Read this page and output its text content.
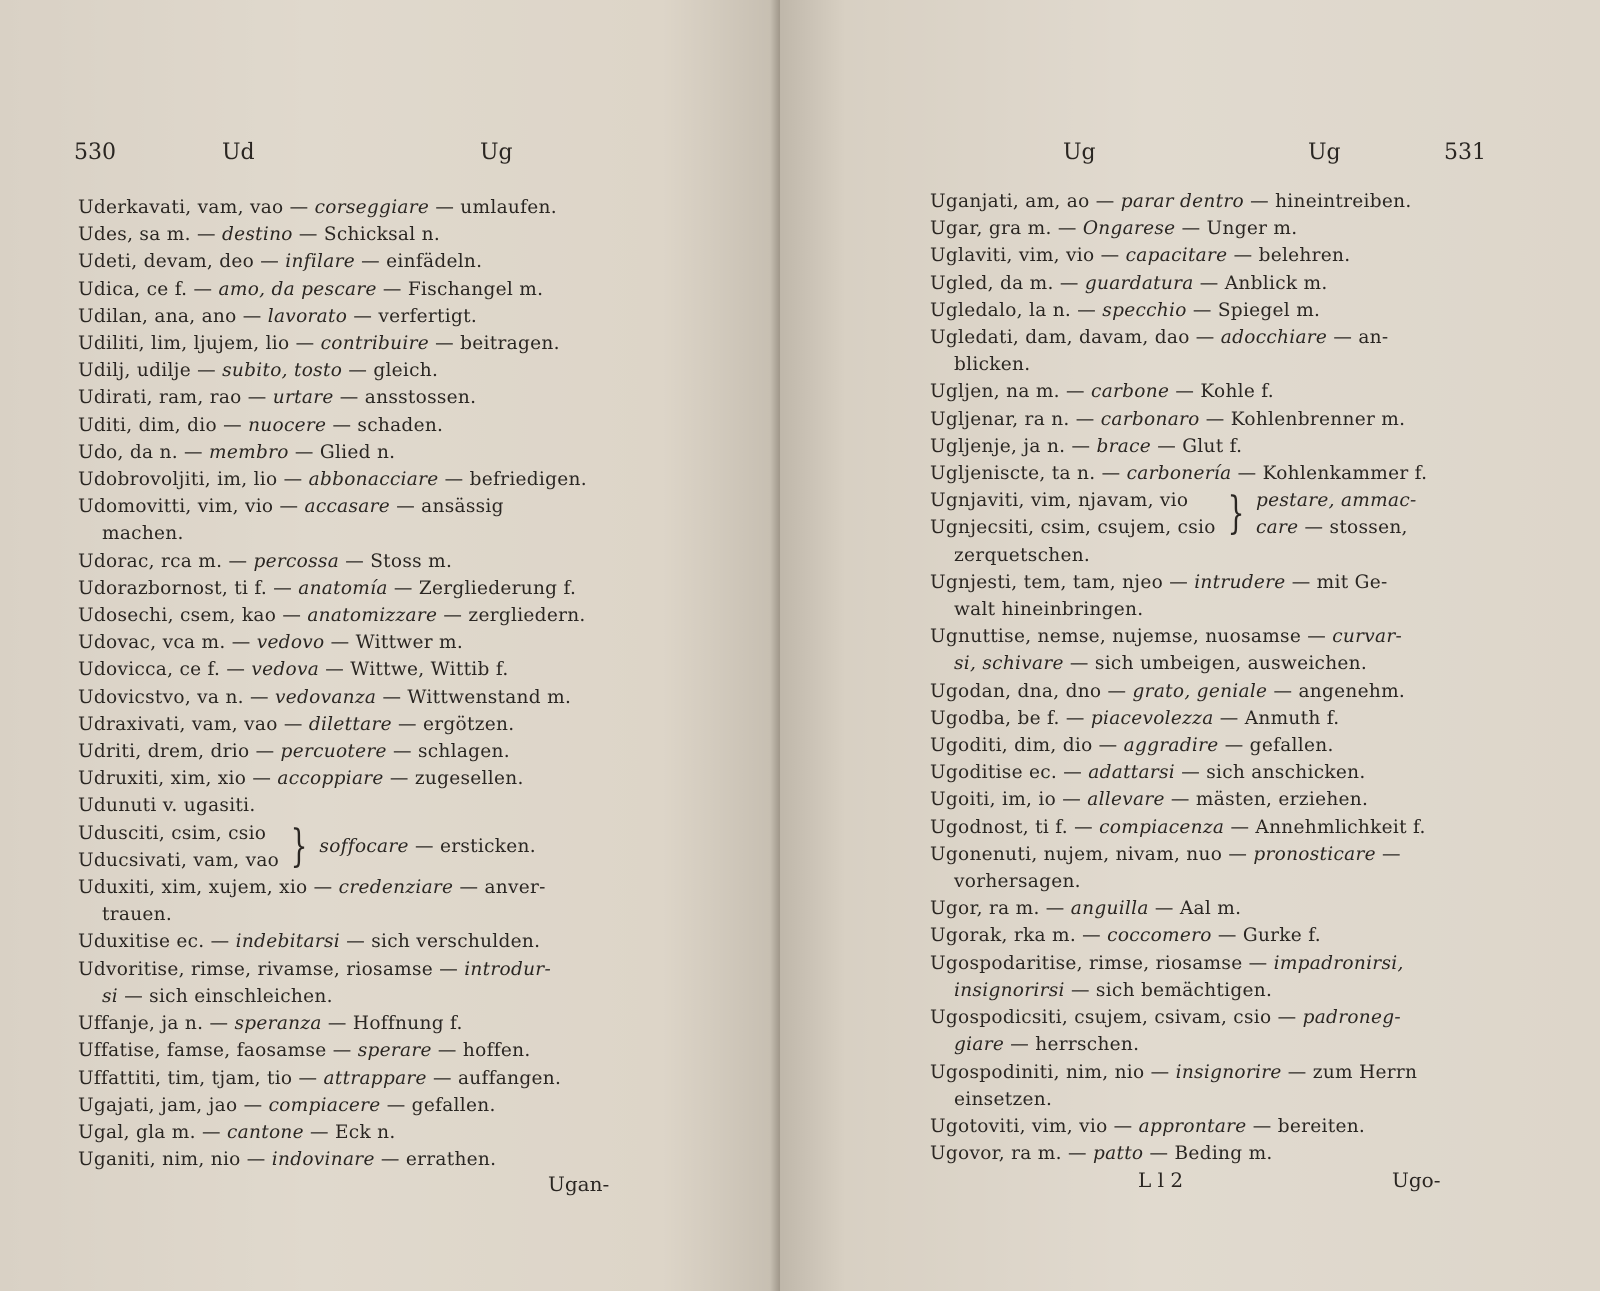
530	Ud	Ug
Uderkavati, vam, vao — corseggiare — umlaufen.
Udes, sa m. — destino — Schicksal n.
Udeti, devam, deo — infilare — einfädeln.
Udica, ce f. — amo, da pescare — Fischangel m.
Udilan, ana, ano — lavorato — verfertigt.
Udiliti, lim, ljujem, lio — contribuire — beitragen.
Udilj, udilje — subito, tosto — gleich.
Udirati, ram, rao — urtare — ansstossen.
Uditi, dim, dio — nuocere — schaden.
Udo, da n. — membro — Glied n.
Udobrovoljiti, im, lio — abbonacciare — befriedigen.
Udomovitti, vim, vio — accasare — ansässig
machen.
Udorac, rca m. — percossa — Stoss m.
Udorazbornost, ti f. — anatomía — Zergliederung f.
Udosechi, csem, kao — anatomizzare — zergliedern.
Udovac, vca m. — vedovo — Wittwer m.
Udovicca, ce f. — vedova — Wittwe, Wittib f.
Udovicstvo, va n. — vedovanza — Wittwenstand m.
Udraxivati, vam, vao — dilettare — ergötzen.
Udriti, drem, drio — percuotere — schlagen.
Udruxiti, xim, xio — accoppiare — zugesellen.
Udunuti v. ugasiti.
Udusciti, csim, csio
Uducsivati, vam, vao } soffocare — ersticken.
Uduxiti, xim, xujem, xio — credenziare — anver-
trauen.
Uduxitise ec. — indebitarsi — sich verschulden.
Udvoritise, rimse, rivamse, riosamse — introdur-
si — sich einschleichen.
Uffanje, ja n. — speranza — Hoffnung f.
Uffatise, famse, faosamse — sperare — hoffen.
Uffattiti, tim, tjam, tio — attrappare — auffangen.
Ugajati, jam, jao — compiacere — gefallen.
Ugal, gla m. — cantone — Eck n.
Uganiti, nim, nio — indovinare — errathen.
Ugan-
Ug	Ug	531
Uganjati, am, ao — parar dentro — hineintreiben.
Ugar, gra m. — Ongarese — Unger m.
Uglaviti, vim, vio — capacitare — belehren.
Ugled, da m. — guardatura — Anblick m.
Ugledalo, la n. — specchio — Spiegel m.
Ugledati, dam, davam, dao — adocchiare — an-
blicken.
Ugljen, na m. — carbone — Kohle f.
Ugljenar, ra n. — carbonaro — Kohlenbrenner m.
Ugljenje, ja n. — brace — Glut f.
Ugljeniscte, ta n. — carbonería — Kohlenkammer f.
Ugnjaviti, vim, njavam, vio
Ugnjecsiti, csim, csujem, csio } pestare, ammac-
care — stossen,
zerquetschen.
Ugnjesti, tem, tam, njeo — intrudere — mit Ge-
walt hineinbringen.
Ugnuttise, nemse, nujemse, nuosamse — curvar-
si, schivare — sich umbeigen, ausweichen.
Ugodan, dna, dno — grato, geniale — angenehm.
Ugodba, be f. — piacevolezza — Anmuth f.
Ugoditi, dim, dio — aggradire — gefallen.
Ugoditise ec. — adattarsi — sich anschicken.
Ugoiti, im, io — allevare — mästen, erziehen.
Ugodnost, ti f. — compiacenza — Annehmlichkeit f.
Ugonenuti, nujem, nivam, nuo — pronosticare —
vorhersagen.
Ugor, ra m. — anguilla — Aal m.
Ugorak, rka m. — coccomero — Gurke f.
Ugospodaritise, rimse, riosamse — impadronirsi,
insignorirsi — sich bemächtigen.
Ugospodicsiti, csujem, csivam, csio — padroneg-
giare — herrschen.
Ugospodiniti, nim, nio — insignorire — zum Herrn
einsetzen.
Ugotoviti, vim, vio — approntare — bereiten.
Ugovor, ra m. — patto — Beding m.
L l 2	Ugo-
